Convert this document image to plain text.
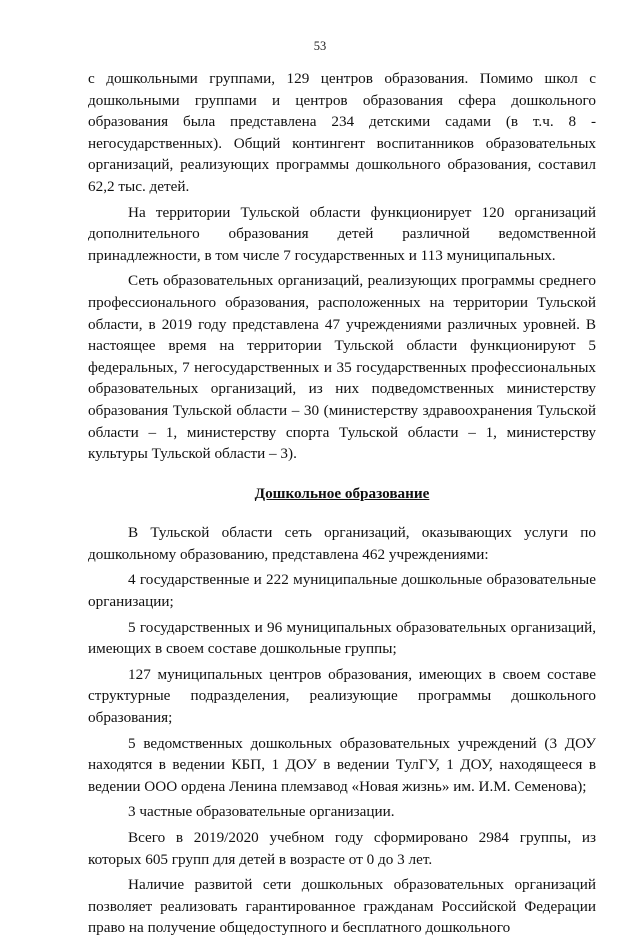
53

с дошкольными группами, 129 центров образования. Помимо школ с дошкольными группами и центров образования сфера дошкольного образования была представлена 234 детскими садами (в т.ч. 8 - негосударственных). Общий контингент воспитанников образовательных организаций, реализующих программы дошкольного образования, составил 62,2 тыс. детей.

На территории Тульской области функционирует 120 организаций дополнительного образования детей различной ведомственной принадлежности, в том числе 7 государственных и 113 муниципальных.

Сеть образовательных организаций, реализующих программы среднего профессионального образования, расположенных на территории Тульской области, в 2019 году представлена 47 учреждениями различных уровней. В настоящее время на территории Тульской области функционируют 5 федеральных, 7 негосударственных и 35 государственных профессиональных образовательных организаций, из них подведомственных министерству образования Тульской области – 30 (министерству здравоохранения Тульской области – 1, министерству спорта Тульской области – 1, министерству культуры Тульской области – 3).

Дошкольное образование

В Тульской области сеть организаций, оказывающих услуги по дошкольному образованию, представлена 462 учреждениями:

4 государственные и 222 муниципальные дошкольные образовательные организации;

5 государственных и 96 муниципальных образовательных организаций, имеющих в своем составе дошкольные группы;

127 муниципальных центров образования, имеющих в своем составе структурные подразделения, реализующие программы дошкольного образования;

5 ведомственных дошкольных образовательных учреждений (3 ДОУ находятся в ведении КБП, 1 ДОУ в ведении ТулГУ, 1 ДОУ, находящееся в ведении ООО ордена Ленина племзавод «Новая жизнь» им. И.М. Семенова);

3 частные образовательные организации.

Всего в 2019/2020 учебном году сформировано 2984 группы, из которых 605 групп для детей в возрасте от 0 до 3 лет.

Наличие развитой сети дошкольных образовательных организаций позволяет реализовать гарантированное гражданам Российской Федерации право на получение общедоступного и бесплатного дошкольного
